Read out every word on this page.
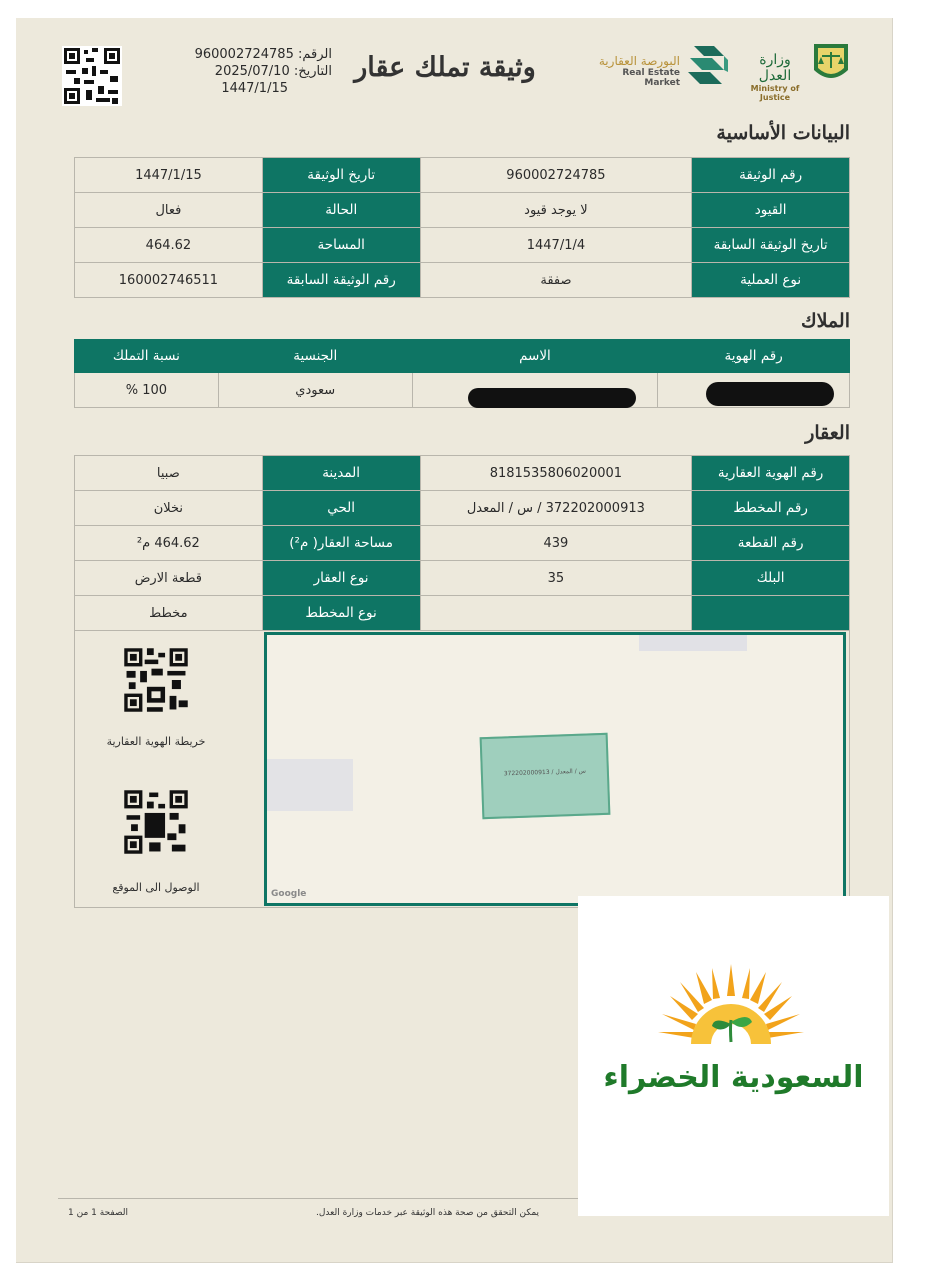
الرقم: 960002724785
التاريخ: 2025/07/10
1447/1/15
وثيقة تملك عقار	البورصة العقارية
Real Estate Market
وزارة العدل
Ministry of Justice
البيانات الأساسية
رقم الوثيقة	960002724785	تاريخ الوثيقة	1447/1/15
القيود	لا يوجد قيود	الحالة	فعال
تاريخ الوثيقة السابقة	1447/1/4	المساحة	464.62
نوع العملية	صفقة	رقم الوثيقة السابقة	160002746511
الملاك
رقم الهوية	الاسم	الجنسية	نسبة التملك
		سعودي	100 %
العقار
رقم الهوية العقارية	8181535806020001	المدينة	صبيا
رقم المخطط	372202000913 / س / المعدل	الحي	نخلان
رقم القطعة	439	مساحة العقار( م²)	464.62 م²
البلك	35	نوع العقار	قطعة الارض
		نوع المخطط	مخطط
372202000913 / س / المعدل
Google
خريطة الهوية العقارية
الوصول الى الموقع
الصفحة 1 من 1	يمكن التحقق من صحة هذه الوثيقة عبر خدمات وزارة العدل.
السعودية الخضراء
